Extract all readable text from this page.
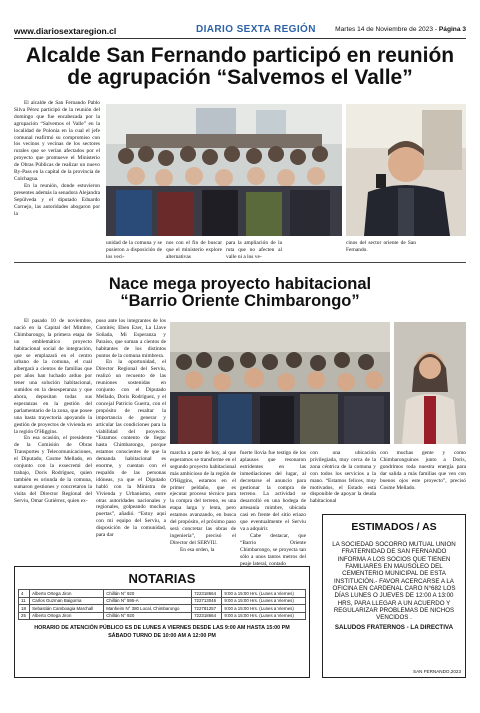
www.diariosextaregion.cl	DIARIO SEXTA REGIÓN	Martes 14 de Noviembre de 2023 - Página 3
Alcalde San Fernando participó en reunión
de agrupación “Salvemos el Valle”

El alcalde de San Fernando Pablo Silva Pérez participó de la reunión del domingo que fue encabezada por la agrupación “Salvemos el Valle” en la localidad de Polonia en la cual el jefe comunal reafirmó su compromiso con los vecinos y vecinas de los sectores rurales que se verían afectados por el proyecto que promueve el Ministerio de Obras Públicas de realizar un nuevo By-Pass en la capital de la provincia de Colchagua.

En la reunión, donde estuvieron presentes además la senadora Alejandra Sepúlveda y el diputado Eduardo Cornejo, las autoridades abogaron por la

unidad de la comuna y se pusieron a disposición de los veci-
nos con el fin de buscar que el ministerio explore alternativas
para la ampliación de la ruta que no afecten al valle ni a los ve-
cinos del sector oriente de San Fernando.
Nace mega proyecto habitacional
“Barrio Oriente Chimbarongo”

El pasado 10 de noviembre, nació en la Capital del Mimbre, Chimbarongo, la primera etapa de un emblemático proyecto habitacional social de integración, que se emplazará en el centro urbano de la comuna, el cual albergará a cientos de familias que por años han luchado arduo por tener una solución habitacional, sumidos en la desesperanza y que ahora, depositan todas sus esperanzas en la gestión del parlamentario de la zona, que posee una basta trayectoria apoyando la gestión de proyectos de vivienda en la región O'Higgins.

En esa ocasión, el presidente de la Comisión de Obras Transportes y Telecomunicaciones, el Diputado, Cosme Mellado, en conjunto con la exsecremi del trabajo, Doris Rodríguez, quien también es oriunda de la comuna, sumaron gestiones y concretaron la visita del Director Regional del Serviu, Omar Gutiérrez, quien ex-

puso ante los integrantes de los Comités; Eben Ezer, La Llave Soñada, Mi Esperanza y Paraíso, que suman a cientos de habitantes de los distintos puntos de la comuna mimbrera.

En la oportunidad, el Director Regional del Serviu, realizó un recuento de las reuniones sostenidas en conjunto con el Diputado Mellado, Doris Rodríguez, y el concejal Patricio Guerra, con el propósito de resaltar la importancia de generar y articular las condiciones para la viabilidad del proyecto. “Estamos contento de llegar hasta Chimbarongo, porque estamos conscientes de que la demanda habitacional es enorme, y cuentan con el respaldo de las personas idóneas, ya que el Diputado habló con la Ministra de Vivienda y Urbanismo, entre otras autoridades nacionales y regionales, golpeando muchas puertas”, añadió. “Estoy aquí con mi equipo del Serviu, a disposición de la comunidad, para dar

marcha a parte de hoy, al que esperamos se transforme en el segundo proyecto habitacional más ambicioso de la región de O'Higgins, estamos en el primer peldaño, que es ejecutar proceso técnico para la compra del terreno, es una etapa larga y lenta, pero estamos avanzando, en busca del propósito, el próximo paso será concretar las obras de ingeniería”, precisó el Director del SERVIU.

En esa orden, la

fuerte llovía fue testigo de los aplausos que resonaron estridentes en las inmediaciones del lugar, al decretarse el anuncio para gestionar la compra de terreno. La actividad se desarrolló en una bodega de artesanía mimbre, ubicada casi en frente del sitio eriazo que eventualmente el Serviu va a adquirir.

Cabe destacar, que “Barrio Oriente Chimbarongo, se proyecta tan sólo a unos tantos metros del peaje lateral, contado

con una ubicación privilegiada, muy cerca de la zona céntrica de la comuna y con todos los servicios a la mano. “Estamos felices, muy motivados, el Estado está disponible de apoyar la deuda habitacional

con muchas gente y como Chimbaronguinos junto a Doris, gondrimos toda nuestra energía para dar salida a más familias que ven con buenos ojos este proyecto”, precisó Cosme Mellado.

NOTARIAS
4	Alberto Ortega Jiron	Chillán N° 920	722318664	9:00 a 15:00 Hrs. (Lunes a Viernes)
11	Carlos Guzman Baigorria	Chillán N° 595-A	722713046	9:00 a 15:00 Hrs. (Lunes a Viernes)
18	Sebastián Camboagia Marchall	Manheim N° 380 Local, Chimbarongo	722781257	9:00 a 15:00 Hrs. (Lunes a Viernes)
25	Alberto Ortega Jiron	Chillán N° 920	722318664	9:00 a 15:00 Hrs. (Lunes a Viernes)
HORARIO DE ATENCIÓN PÚBLICO ES DE LUNES A VIERNES DESDE LAS 9:00 AM HASTA 15:00 PM
SÁBADO TURNO DE 10:00 AM A 12:00 PM
ESTIMADOS / AS
LA SOCIEDAD SOCORRO MUTUAL UNION FRATERNIDAD DE SAN FERNANDO INFORMA A LOS SOCIOS QUE TIENEN FAMILIARES EN MAUSOLEO DEL CEMENTERIO MUNICIPAL DE ESTA INSTITUCIÓN.- FAVOR ACERCARSE A LA OFICINA EN CARDENAL CARO N°682 LOS DÍAS LUNES O JUEVES DE 12:00 A 13:00 HRS, PARA LLEGAR A UN ACUERDO Y REGULARIZAR PROBLEMAS DE NICHOS VENCIDOS .
SALUDOS FRATERNOS - LA DIRECTIVA
SAN FERNANDO,2023
